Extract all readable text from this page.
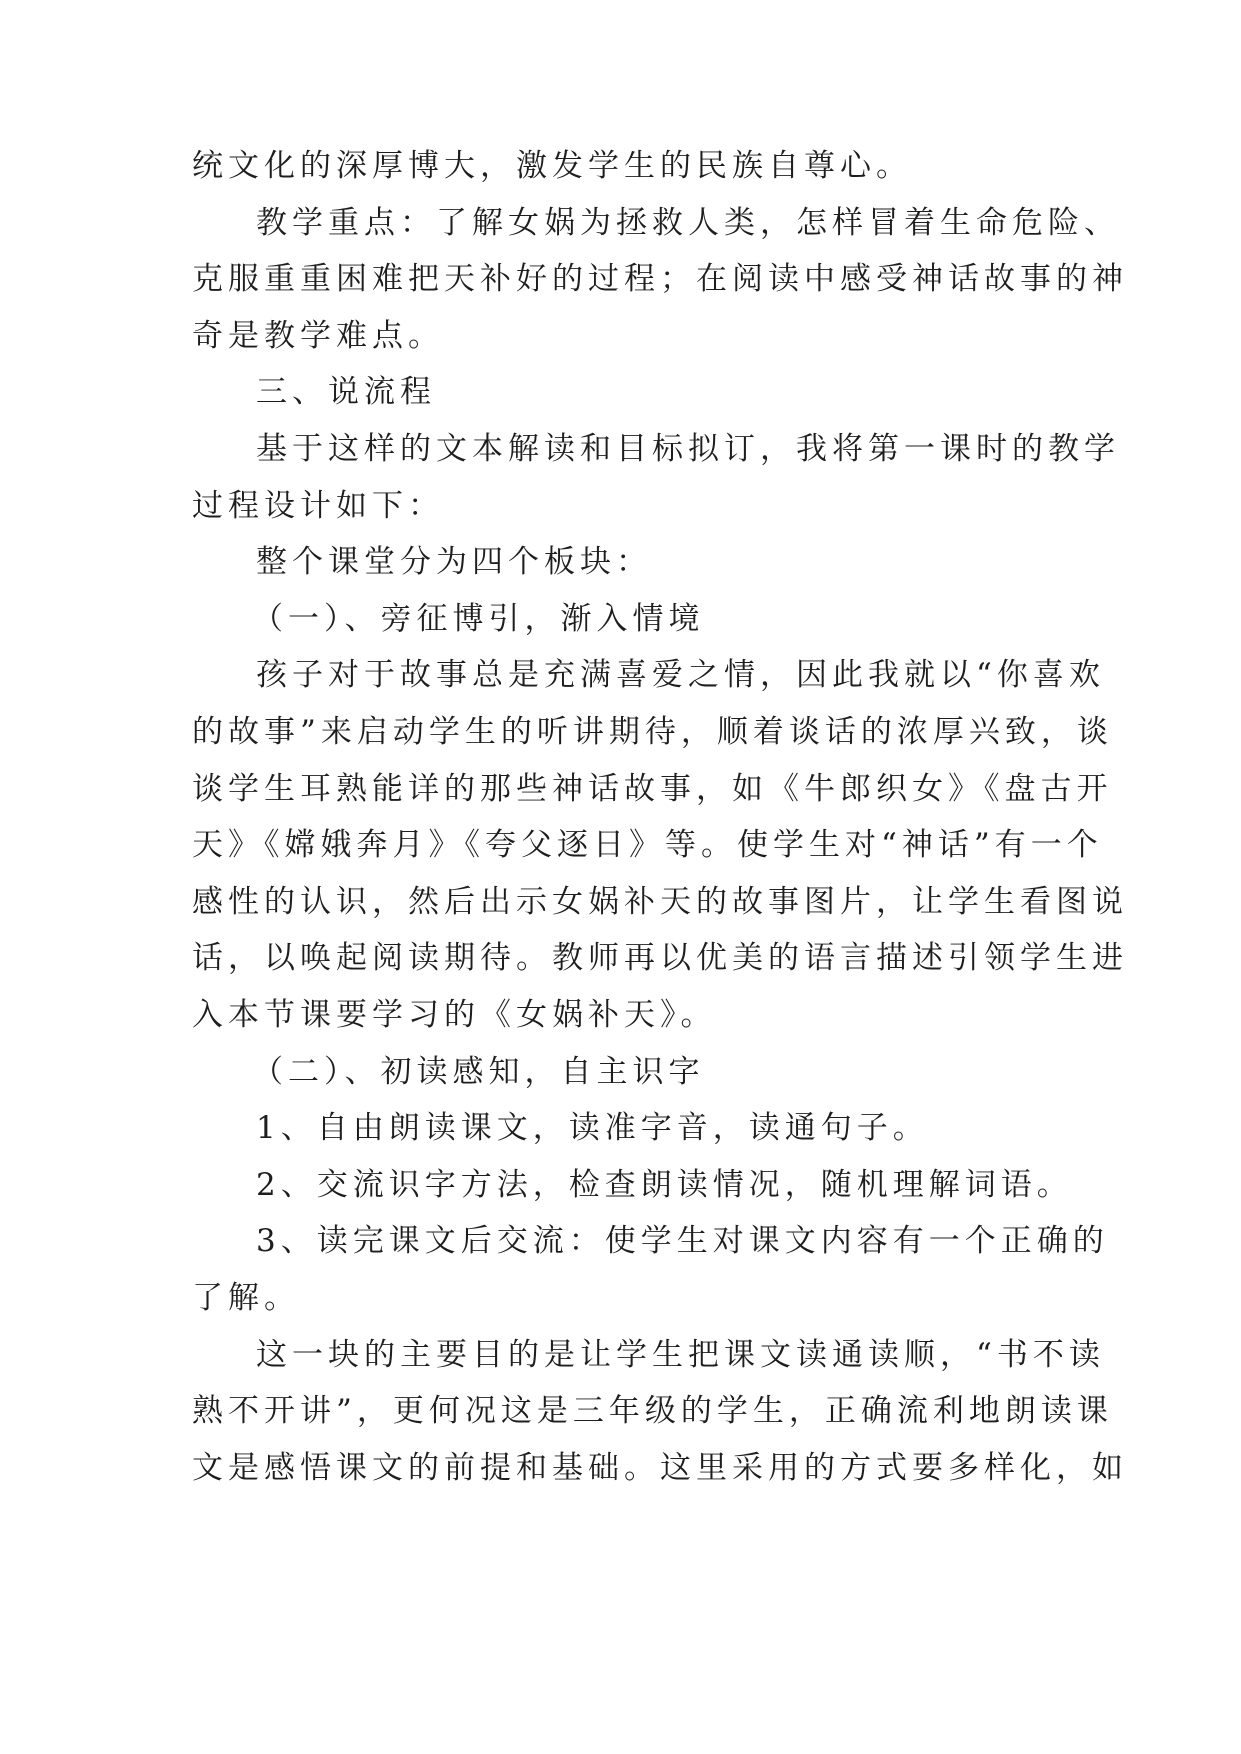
统文化的深厚博大，激发学生的民族自尊心。
教学重点：了解女娲为拯救人类，怎样冒着生命危险、
克服重重困难把天补好的过程；在阅读中感受神话故事的神
奇是教学难点。
三、说流程
基于这样的文本解读和目标拟订，我将第一课时的教学
过程设计如下：
整个课堂分为四个板块：
（一）、旁征博引，渐入情境
孩子对于故事总是充满喜爱之情，因此我就以“你喜欢
的故事”来启动学生的听讲期待，顺着谈话的浓厚兴致，谈
谈学生耳熟能详的那些神话故事，如《牛郎织女》《盘古开
天》《嫦娥奔月》《夸父逐日》等。使学生对“神话”有一个
感性的认识，然后出示女娲补天的故事图片，让学生看图说
话，以唤起阅读期待。教师再以优美的语言描述引领学生进
入本节课要学习的《女娲补天》。
（二）、初读感知，自主识字
1、自由朗读课文，读准字音，读通句子。
2、交流识字方法，检查朗读情况，随机理解词语。
3、读完课文后交流：使学生对课文内容有一个正确的
了解。
这一块的主要目的是让学生把课文读通读顺，“书不读
熟不开讲”，更何况这是三年级的学生，正确流利地朗读课
文是感悟课文的前提和基础。这里采用的方式要多样化，如
